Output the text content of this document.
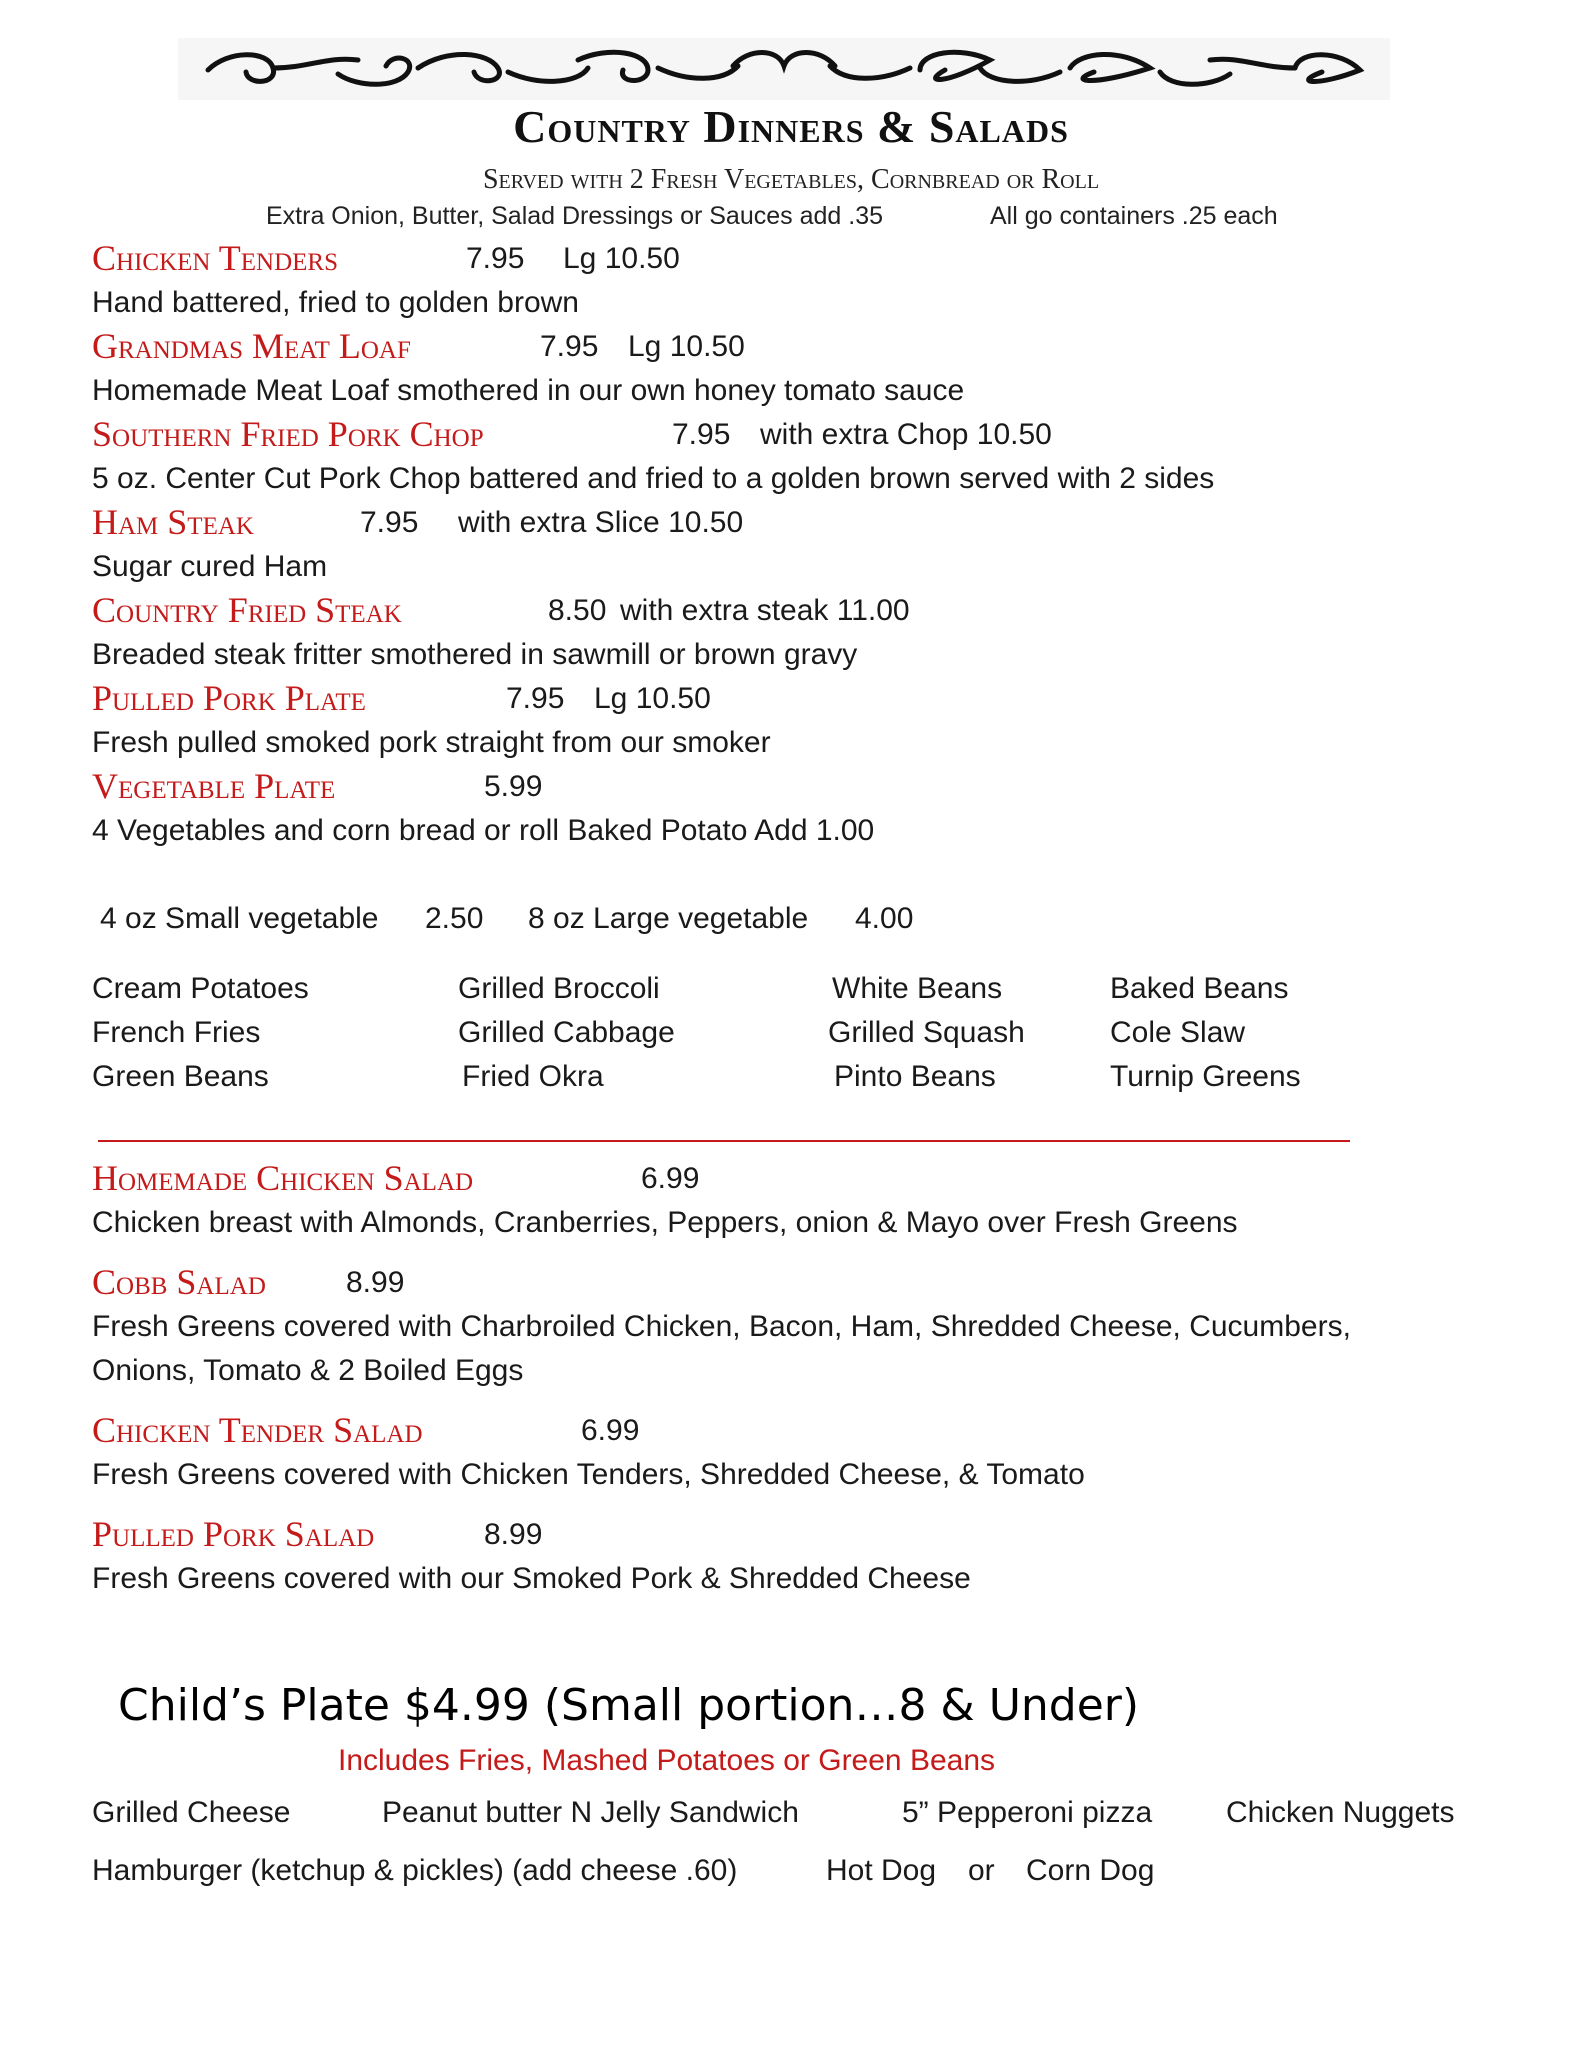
Country Dinners & Salads
Served with 2 Fresh Vegetables, Cornbread or Roll
Extra Onion, Butter, Salad Dressings or Sauces add .35	All go containers .25 each
Chicken Tenders	7.95 Lg 10.50
Hand battered, fried to golden brown
Grandmas Meat Loaf	7.95 Lg 10.50
Homemade Meat Loaf smothered in our own honey tomato sauce
Southern Fried Pork Chop	7.95 with extra Chop 10.50
5 oz. Center Cut Pork Chop battered and fried to a golden brown served with 2 sides
Ham Steak	7.95 with extra Slice 10.50
Sugar cured Ham
Country Fried Steak	8.50 with extra steak 11.00
Breaded steak fritter smothered in sawmill or brown gravy
Pulled Pork Plate	7.95 Lg 10.50
Fresh pulled smoked pork straight from our smoker
Vegetable Plate	5.99
4 Vegetables and corn bread or roll Baked Potato Add 1.00
4 oz Small vegetable 2.50 8 oz Large vegetable 4.00
Cream Potatoes	Grilled Broccoli	White Beans	Baked Beans
French Fries	Grilled Cabbage	Grilled Squash	Cole Slaw
Green Beans	Fried Okra	Pinto Beans	Turnip Greens
Homemade Chicken Salad	6.99
Chicken breast with Almonds, Cranberries, Peppers, onion & Mayo over Fresh Greens
Cobb Salad	8.99
Fresh Greens covered with Charbroiled Chicken, Bacon, Ham, Shredded Cheese, Cucumbers,
Onions, Tomato & 2 Boiled Eggs
Chicken Tender Salad	6.99
Fresh Greens covered with Chicken Tenders, Shredded Cheese, & Tomato
Pulled Pork Salad	8.99
Fresh Greens covered with our Smoked Pork & Shredded Cheese
Child’s Plate $4.99 (Small portion…8 & Under)
Includes Fries, Mashed Potatoes or Green Beans
Grilled Cheese	Peanut butter N Jelly Sandwich	5” Pepperoni pizza Chicken Nuggets
Hamburger (ketchup & pickles) (add cheese .60)	Hot Dog or Corn Dog
